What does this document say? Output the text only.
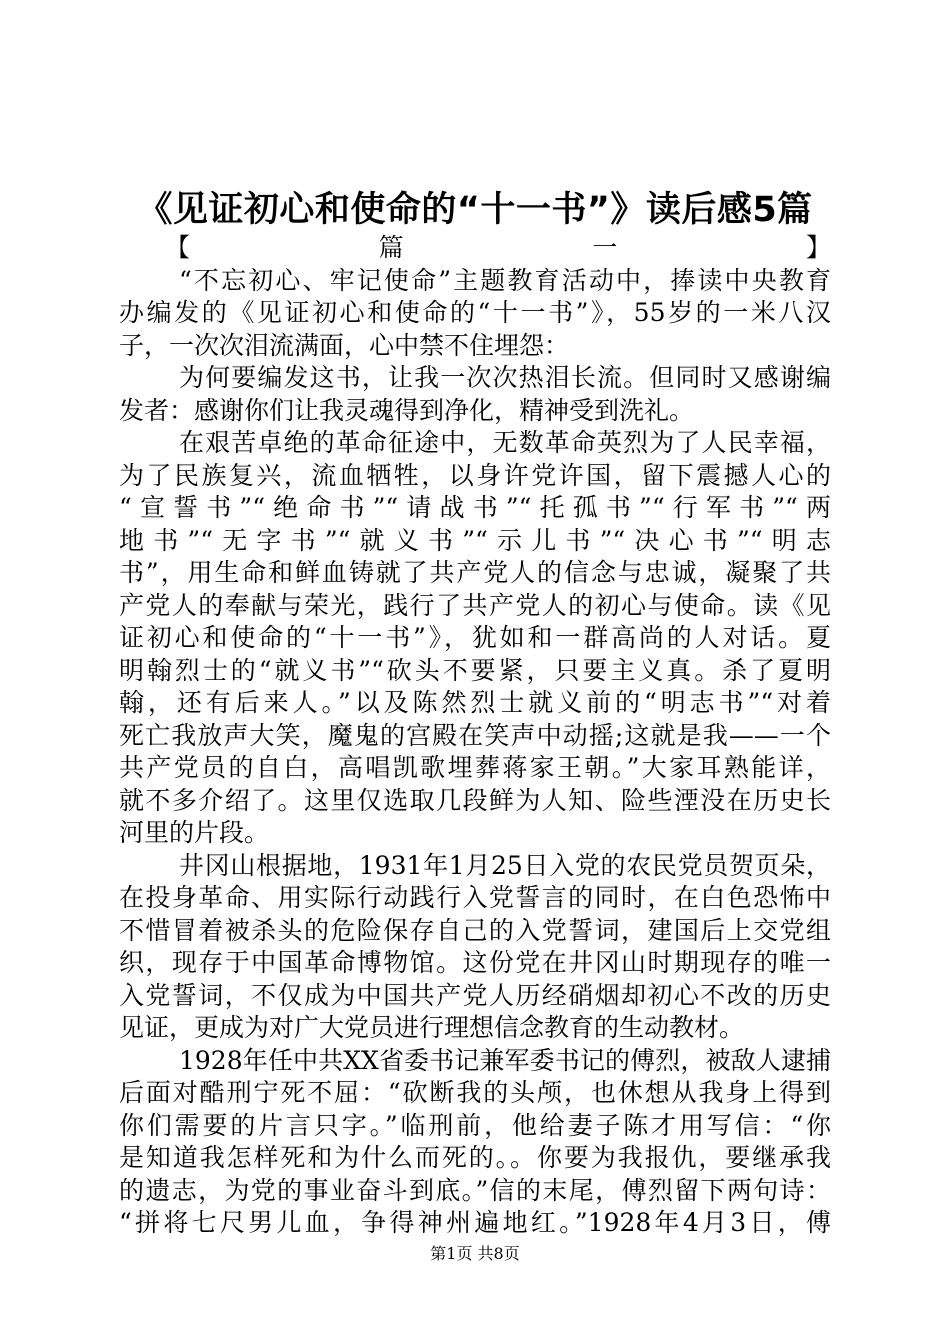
《见证初心和使命的“十一书”》读后感5篇
【篇一】
“不忘初心、牢记使命”主题教育活动中，捧读中央教育
办编发的《见证初心和使命的“十一书”》，55岁的一米八汉
子，一次次泪流满面，心中禁不住埋怨：
为何要编发这书，让我一次次热泪长流。但同时又感谢编
发者：感谢你们让我灵魂得到净化，精神受到洗礼。
在艰苦卓绝的革命征途中，无数革命英烈为了人民幸福，
为了民族复兴，流血牺牲，以身许党许国，留下震撼人心的
“宣誓书”“绝命书”“请战书”“托孤书”“行军书”“两
地书”“无字书”“就义书”“示儿书”“决心书”“明志
书”，用生命和鲜血铸就了共产党人的信念与忠诚，凝聚了共
产党人的奉献与荣光，践行了共产党人的初心与使命。读《见
证初心和使命的“十一书”》，犹如和一群高尚的人对话。夏
明翰烈士的“就义书”“砍头不要紧，只要主义真。杀了夏明
翰，还有后来人。”以及陈然烈士就义前的“明志书”“对着
死亡我放声大笑，魔鬼的宫殿在笑声中动摇;这就是我——一个
共产党员的自白，高唱凯歌埋葬蒋家王朝。”大家耳熟能详，
就不多介绍了。这里仅选取几段鲜为人知、险些湮没在历史长
河里的片段。
井冈山根据地，1931年1月25日入党的农民党员贺页朵，
在投身革命、用实际行动践行入党誓言的同时，在白色恐怖中
不惜冒着被杀头的危险保存自己的入党誓词，建国后上交党组
织，现存于中国革命博物馆。这份党在井冈山时期现存的唯一
入党誓词，不仅成为中国共产党人历经硝烟却初心不改的历史
见证，更成为对广大党员进行理想信念教育的生动教材。
1928年任中共XX省委书记兼军委书记的傅烈，被敌人逮捕
后面对酷刑宁死不屈：“砍断我的头颅，也休想从我身上得到
你们需要的片言只字。”临刑前，他给妻子陈才用写信：“你
是知道我怎样死和为什么而死的。。你要为我报仇，要继承我
的遗志，为党的事业奋斗到底。”信的末尾，傅烈留下两句诗：
“拼将七尺男儿血，争得神州遍地红。”1928年4月3日，傅
第1页 共8页
